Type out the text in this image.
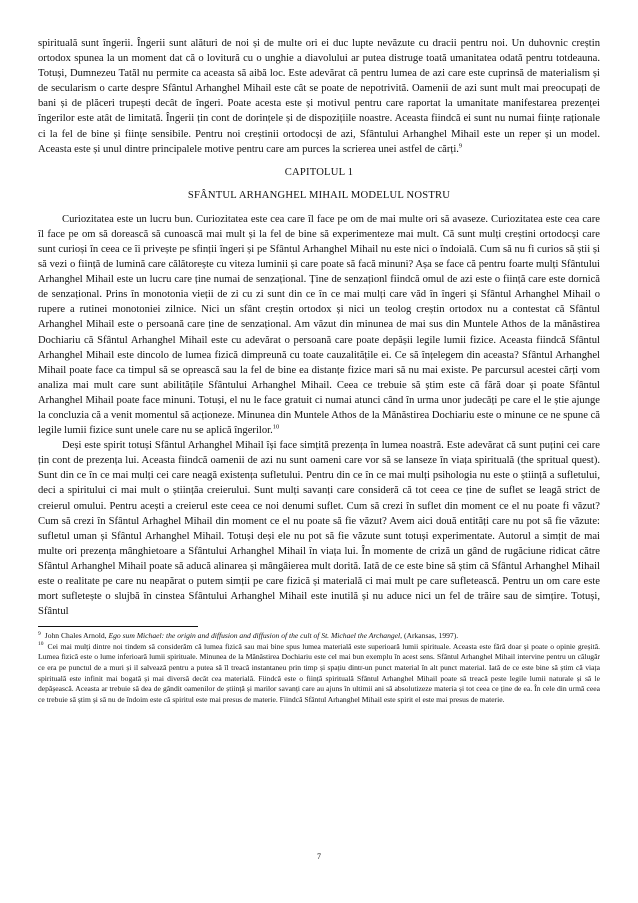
spirituală sunt îngerii. Îngerii sunt alături de noi și de multe ori ei duc lupte nevăzute cu dracii pentru noi. Un duhovnic creștin ortodox spunea la un moment dat că o lovitură cu o unghie a diavolului ar putea distruge toată umanitatea odată pentru totdeauna. Totuși, Dumnezeu Tatăl nu permite ca aceasta să aibă loc. Este adevărat că pentru lumea de azi care este cuprinsă de materialism și de secularism o carte despre Sfântul Arhanghel Mihail este cât se poate de nepotrivită. Oamenii de azi sunt mult mai preocupați de bani și de plăceri trupești decât de îngeri. Poate acesta este și motivul pentru care raportat la umanitate manifestarea prezenței îngerilor este atât de limitată. Îngerii țin cont de dorințele și de dispozițiile noastre. Aceasta fiindcă ei sunt nu numai ființe raționale ci la fel de bine și ființe sensibile. Pentru noi creștinii ortodocși de azi, Sfântului Arhanghel Mihail este un reper și un model. Aceasta este și unul dintre principalele motive pentru care am purces la scrierea unei astfel de cărți.$^9$

CAPITOLUL 1
SFÂNTUL ARHANGHEL MIHAIL MODELUL NOSTRU

Curiozitatea este un lucru bun. Curiozitatea este cea care îl face pe om de mai multe ori să avaseze. Curiozitatea este cea care îl face pe om să dorească să cunoască mai mult și la fel de bine să experimenteze mai mult. Că sunt mulți creștini ortodocși care sunt curioși în ceea ce îi privește pe sfinții îngeri și pe Sfântul Arhanghel Mihail nu este nici o îndoială. Cum să nu fi curios să știi și să vezi o ființă de lumină care călătorește cu viteza luminii și care poate să facă minuni? Așa se face că pentru foarte mulți Sfântului Arhanghel Mihail este un lucru care ține numai de senzațional. Ține de senzaționl fiindcă omul de azi este o ființă care este dornică de senzațional. Prins în monotonia vieții de zi cu zi sunt din ce în ce mai mulți care văd în îngeri și Sfântul Arhanghel Mihail o rupere a rutinei monotoniei zilnice. Nici un sfânt creștin ortodox și nici un teolog creștin ortodox nu a contestat că Sfântul Arhanghel Mihail este o persoană care ține de senzațional. Am văzut din minunea de mai sus din Muntele Athos de la mănăstirea Dochiariu că Sfântul Arhanghel Mihail este cu adevărat o persoană care poate depășii legile lumii fizice. Aceasta fiindcă Sfântul Arhanghel Mihail este dincolo de lumea fizică dimpreună cu toate cauzalitățile ei. Ce să înțelegem din aceasta? Sfântul Arhanghel Mihail poate face ca timpul să se oprească sau la fel de bine ea distanțe fizice mari să nu mai existe. Pe parcursul acestei cărți vom analiza mai mult care sunt abilitățile Sfântului Arhanghel Mihail. Ceea ce trebuie să știm este că fără doar și poate Sfântul Arhanghel Mihail poate face minuni. Totuși, el nu le face gratuit ci numai atunci când în urma unor judecăți pe care el le știe ajunge la concluzia că a venit momentul să acționeze. Minunea din Muntele Athos de la Mănăstirea Dochiariu este o minune ce ne spune că legile lumii fizice sunt unele care nu se aplică îngerilor.$^{10}$

Deși este spirit totuși Sfântul Arhanghel Mihail își face simțită prezența în lumea noastră. Este adevărat că sunt puțini cei care țin cont de prezența lui. Aceasta fiindcă oamenii de azi nu sunt oameni care vor să se lanseze în viața spirituală (the spritual quest). Sunt din ce în ce mai mulți cei care neagă existența sufletului. Pentru din ce în ce mai mulți psihologia nu este o știință a sufletului, deci a spiritului ci mai mult o științăa creierului. Sunt mulți savanți care consideră că tot ceea ce ține de suflet se leagă strict de creierul omului. Pentru acești a creierul este ceea ce noi denumi suflet. Cum să crezi în suflet din moment ce el nu poate fi văzut? Cum să crezi în Sfântul Arhaghel Mihail din moment ce el nu poate să fie văzut? Avem aici două entități care nu pot să fie văzute: sufletul uman și Sfântul Arhanghel Mihail. Totuși deși ele nu pot să fie văzute sunt totuși experimentate. Autorul a simțit de mai multe ori prezența mânghietoare a Sfântului Arhanghel Mihail în viața lui. În momente de criză un gând de rugăciune ridicat către Sfântul Arhanghel Mihail poate să aducă alinarea și mângâierea mult dorită. Iată de ce este bine să știm că Sfântul Arhanghel Mihail este o realitate pe care nu neapărat o putem simții pe care fizică și materială ci mai mult pe care sufletească. Pentru un om care este mort sufletește o slujbă în cinstea Sfântului Arhanghel Mihail este inutilă și nu aduce nici un fel de trăire sau de simțire. Totuși, Sfântul

$^9$ John Chales Arnold, Ego sum Michael: the origin and diffusion and diffusion of the cult of St. Michael the Archangel, (Arkansas, 1997).

$^{10}$ Cei mai mulți dintre noi tindem să considerăm că lumea fizică sau mai bine spus lumea materială este superioară lumii spirituale. Aceasta este fără doar și poate o opinie greșită. Lumea fizică este o lume inferioară lumii spirituale. Minunea de la Mănăstirea Dochiariu este cel mai bun exemplu în acest sens. Sfântul Arhanghel Mihail intervine pentru un călugăr ce era pe punctul de a muri și il salvează pentru a putea să îl treacă instantaneu prin timp și spațiu dintr-un punct material în alt punct material. Iată de ce este bine să știm că viața spirituală este infinit mai bogată și mai diversă decât cea materială. Fiindcă este o ființă spirituală Sfântul Arhanghel Mihail poate să treacă peste legile lumii naturale și să le depășească. Aceasta ar trebuie să dea de gândit oamenilor de știință și marilor savanți care au ajuns în ultimii ani să absolutizeze materia și tot ceea ce ține de ea. În cele din urmă ceea ce trebuie să știm și să nu de îndoim este că spiritul este mai presus de materie. Fiindcă Sfântul Arhanghel Mihail este spirit el este mai presus de materie.

7
